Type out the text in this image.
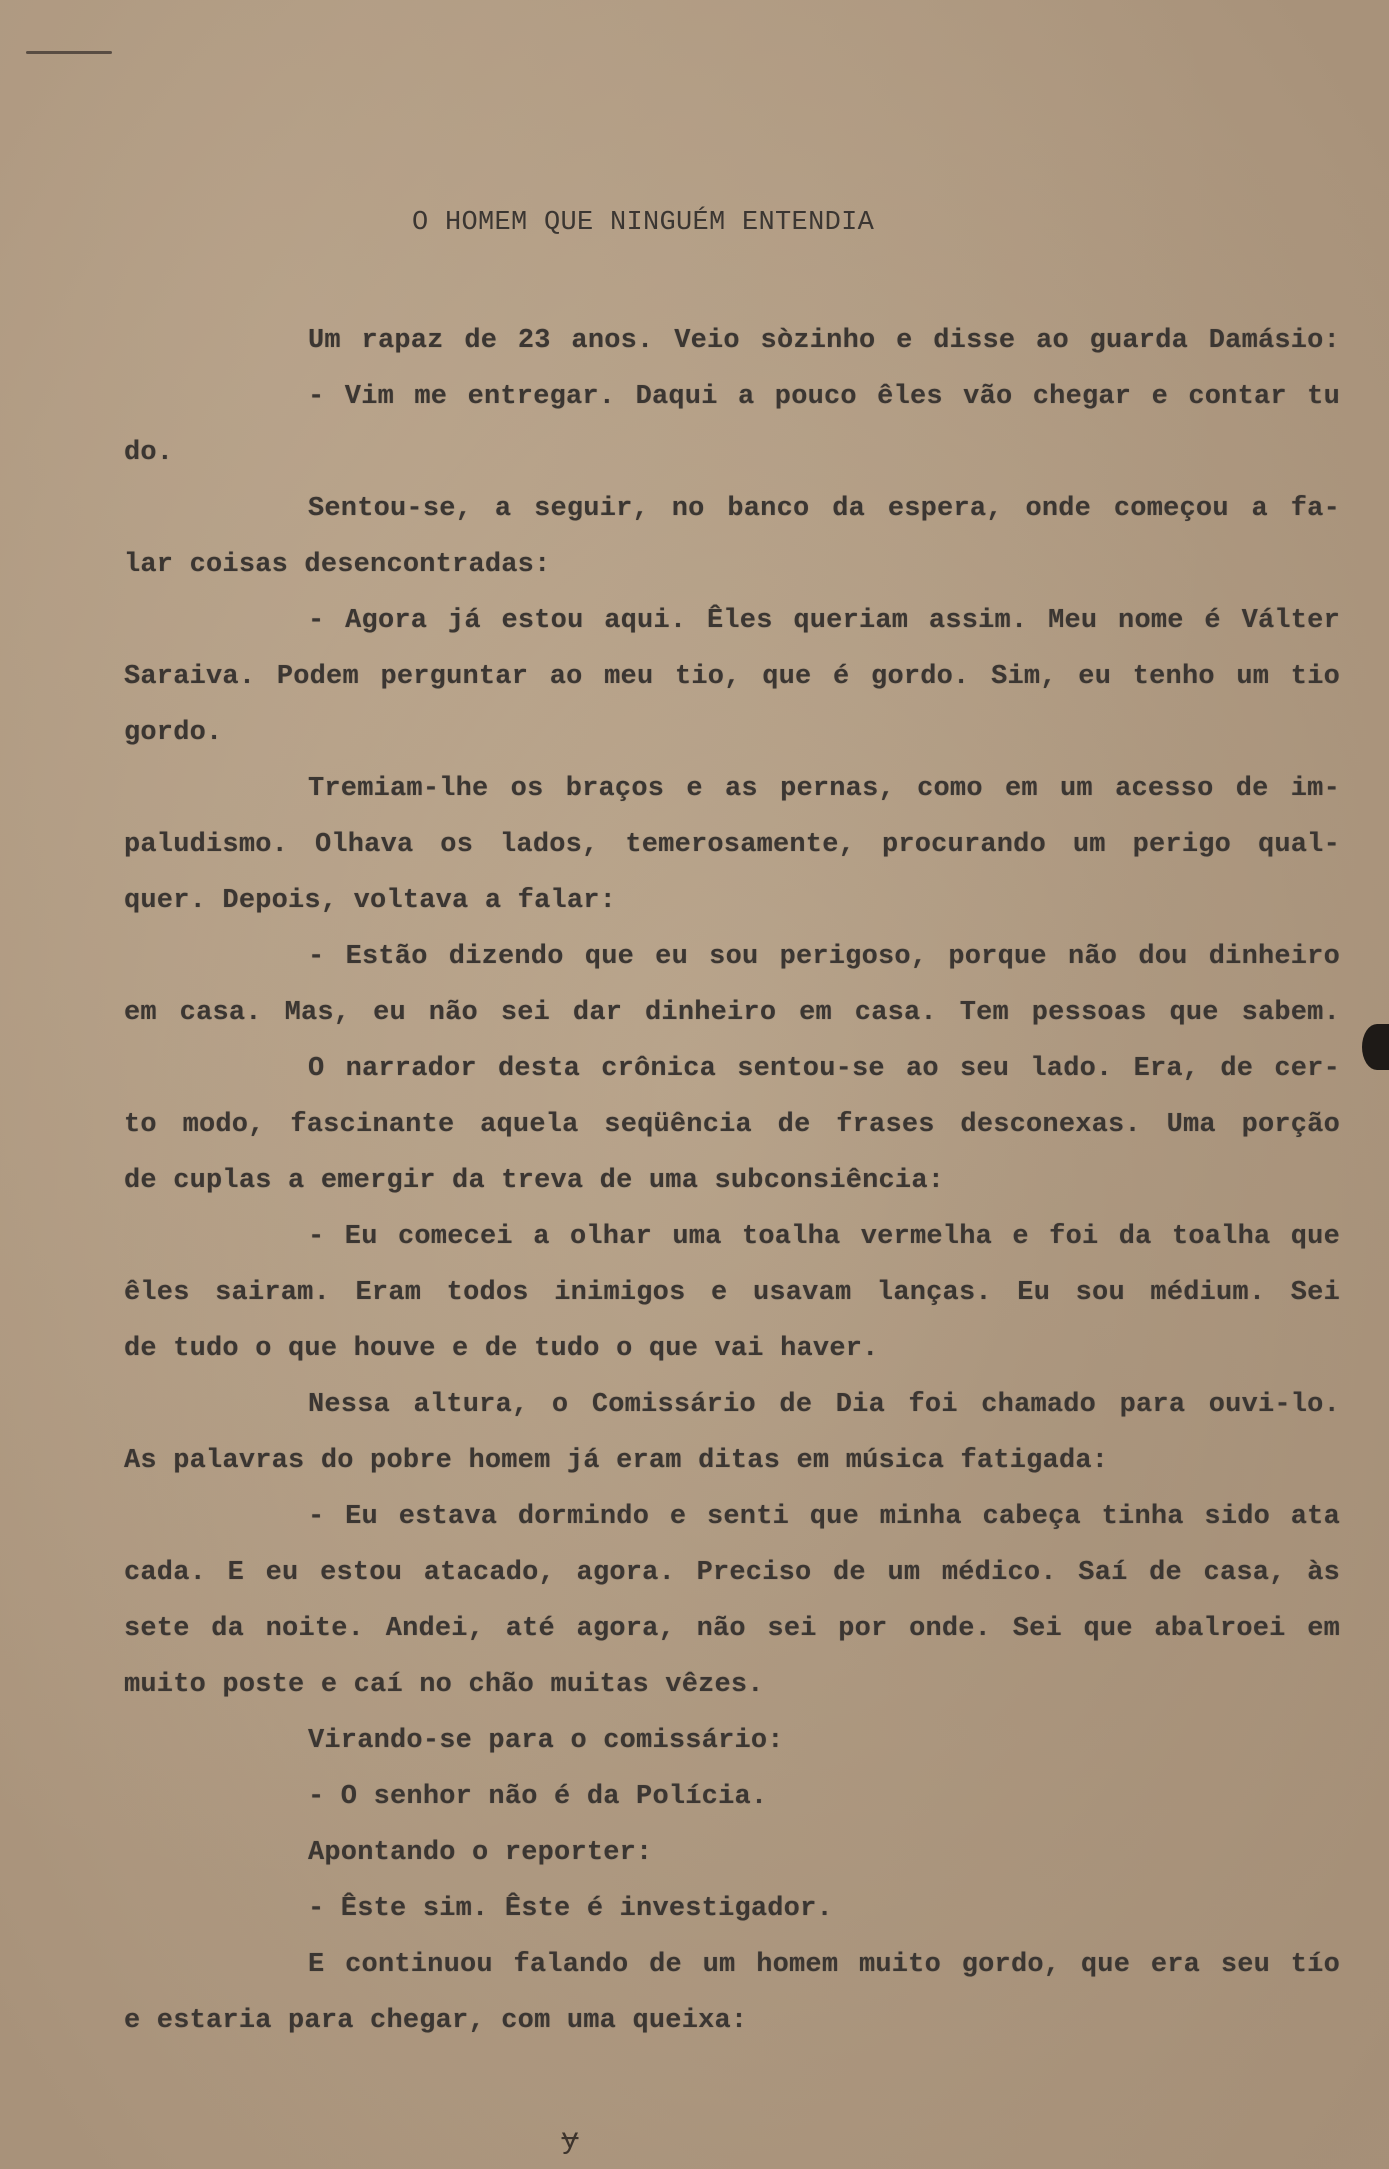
O HOMEM QUE NINGUÉM ENTENDIA
Um rapaz de 23 anos. Veio sòzinho e disse ao guarda Damásio:
- Vim me entregar. Daqui a pouco êles vão chegar e contar tu
do.
Sentou-se, a seguir, no banco da espera, onde começou a fa-
lar coisas desencontradas:
- Agora já estou aqui. Êles queriam assim. Meu nome é Válter
Saraiva. Podem perguntar ao meu tio, que é gordo. Sim, eu tenho um tio
gordo.
Tremiam-lhe os braços e as pernas, como em um acesso de im-
paludismo. Olhava os lados, temerosamente, procurando um perigo qual-
quer. Depois, voltava a falar:
- Estão dizendo que eu sou perigoso, porque não dou dinheiro
em casa. Mas, eu não sei dar dinheiro em casa. Tem pessoas que sabem.
O narrador desta crônica sentou-se ao seu lado. Era, de cer-
to modo, fascinante aquela seqüência de frases desconexas. Uma porção
de cuplas a emergir da treva de uma subconsiência:
- Eu comecei a olhar uma toalha vermelha e foi da toalha que
êles sairam. Eram todos inimigos e usavam lanças. Eu sou médium. Sei
de tudo o que houve e de tudo o que vai haver.
Nessa altura, o Comissário de Dia foi chamado para ouvi-lo.
As palavras do pobre homem já eram ditas em música fatigada:
- Eu estava dormindo e senti que minha cabeça tinha sido ata
cada. E eu estou atacado, agora. Preciso de um médico. Saí de casa, às
sete da noite. Andei, até agora, não sei por onde. Sei que abalroei em
muito poste e caí no chão muitas vêzes.
Virando-se para o comissário:
- O senhor não é da Polícia.
Apontando o reporter:
- Êste sim. Êste é investigador.
E continuou falando de um homem muito gordo, que era seu tío
e estaria para chegar, com uma queixa:
ɏ
